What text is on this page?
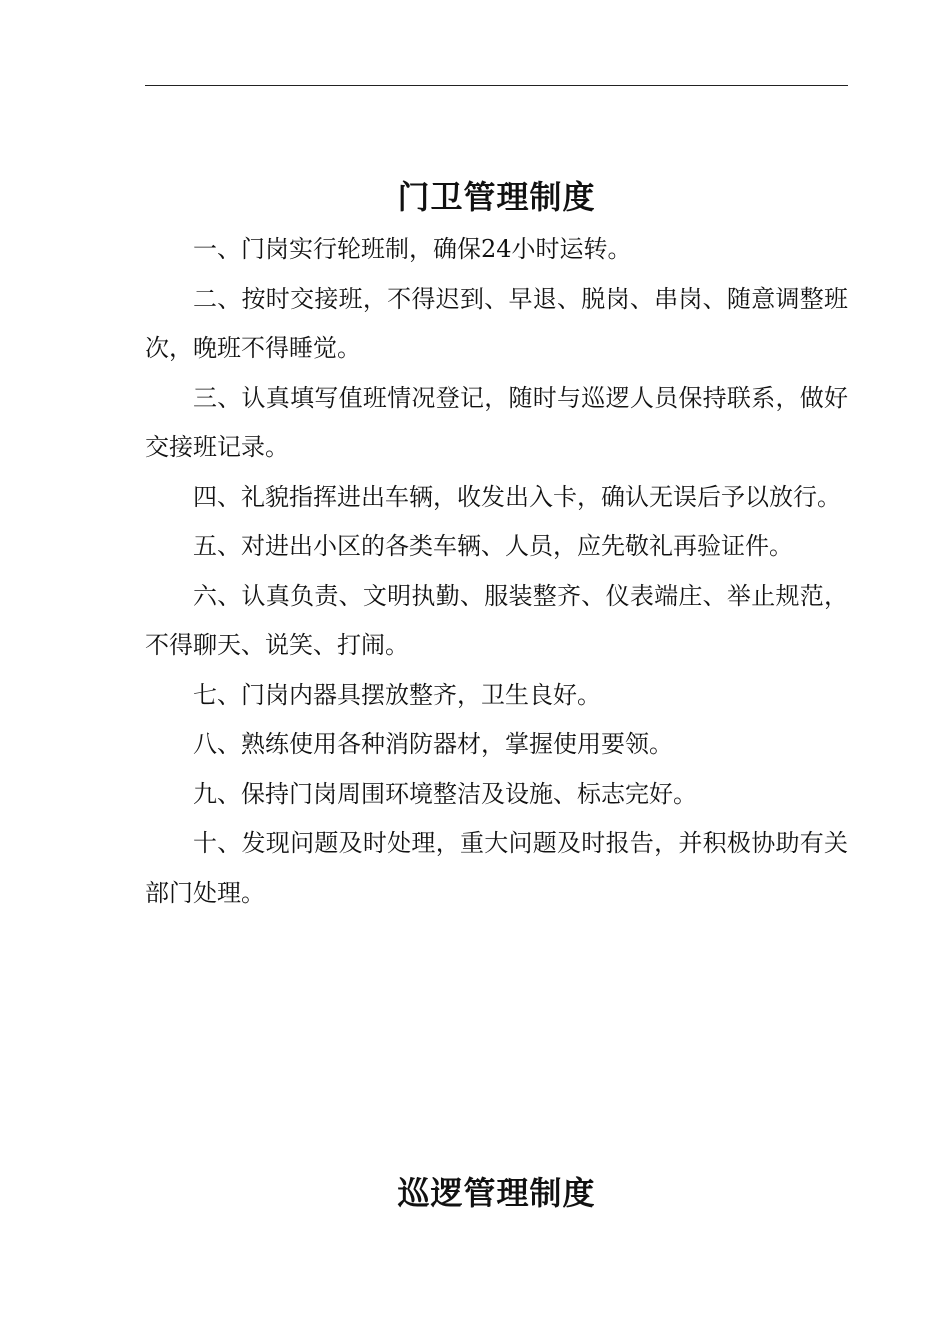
门卫管理制度

一、门岗实行轮班制，确保24小时运转。

二、按时交接班，不得迟到、早退、脱岗、串岗、随意调整班次，晚班不得睡觉。

三、认真填写值班情况登记，随时与巡逻人员保持联系，做好交接班记录。

四、礼貌指挥进出车辆，收发出入卡，确认无误后予以放行。

五、对进出小区的各类车辆、人员，应先敬礼再验证件。

六、认真负责、文明执勤、服装整齐、仪表端庄、举止规范，不得聊天、说笑、打闹。

七、门岗内器具摆放整齐，卫生良好。

八、熟练使用各种消防器材，掌握使用要领。

九、保持门岗周围环境整洁及设施、标志完好。

十、发现问题及时处理，重大问题及时报告，并积极协助有关部门处理。

巡逻管理制度
